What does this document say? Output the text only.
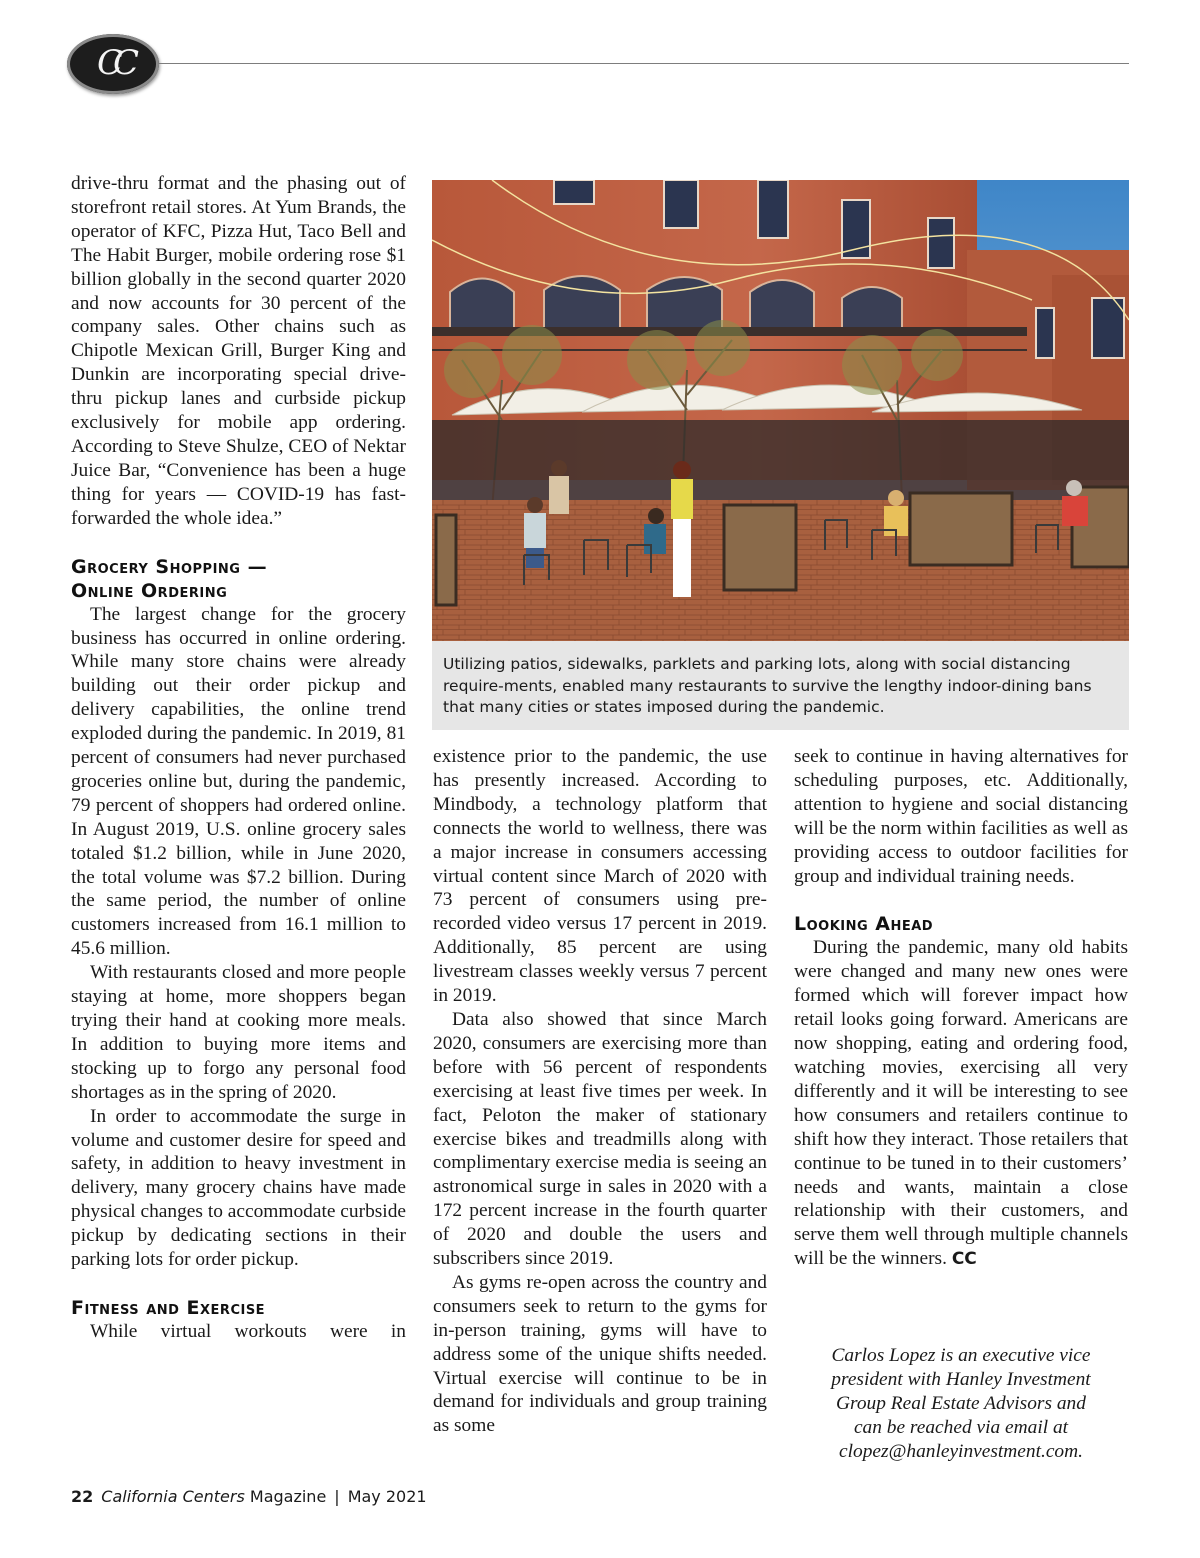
CC

drive-thru format and the phasing out of storefront retail stores. At Yum Brands, the operator of KFC, Pizza Hut, Taco Bell and The Habit Burger, mobile ordering rose $1 billion globally in the second quarter 2020 and now accounts for 30 percent of the company sales. Other chains such as Chipotle Mexican Grill, Burger King and Dunkin are incorporating special drive-thru pickup lanes and curbside pickup exclusively for mobile app ordering. According to Steve Shulze, CEO of Nektar Juice Bar, “Convenience has been a huge thing for years — COVID-19 has fast-forwarded the whole idea.”

Grocery Shopping —
Online Ordering

The largest change for the grocery business has occurred in online ordering. While many store chains were already building out their order pickup and delivery capabilities, the online trend exploded during the pandemic. In 2019, 81 percent of consumers had never purchased groceries online but, during the pandemic, 79 percent of shoppers had ordered online. In August 2019, U.S. online grocery sales totaled $1.2 billion, while in June 2020, the total volume was $7.2 billion. During the same period, the number of online customers increased from 16.1 million to 45.6 million.

With restaurants closed and more people staying at home, more shoppers began trying their hand at cooking more meals. In addition to buying more items and stocking up to forgo any personal food shortages as in the spring of 2020.

In order to accommodate the surge in volume and customer desire for speed and safety, in addition to heavy investment in delivery, many grocery chains have made physical changes to accommodate curbside pickup by dedicating sections in their parking lots for order pickup.

Fitness and Exercise

While virtual workouts were in

Utilizing patios, sidewalks, parklets and parking lots, along with social distancing require-ments, enabled many restaurants to survive the lengthy indoor-dining bans that many cities or states imposed during the pandemic.

existence prior to the pandemic, the use has presently increased. According to Mindbody, a technology platform that connects the world to wellness, there was a major increase in consumers accessing virtual content since March of 2020 with 73 percent of consumers using pre-recorded video versus 17 percent in 2019. Additionally, 85 percent are using livestream classes weekly versus 7 percent in 2019.

Data also showed that since March 2020, consumers are exercising more than before with 56 percent of respondents exercising at least five times per week. In fact, Peloton the maker of stationary exercise bikes and treadmills along with complimentary exercise media is seeing an astronomical surge in sales in 2020 with a 172 percent increase in the fourth quarter of 2020 and double the users and subscribers since 2019.

As gyms re-open across the country and consumers seek to return to the gyms for in-person training, gyms will have to address some of the unique shifts needed. Virtual exercise will continue to be in demand for individuals and group training as some

seek to continue in having alternatives for scheduling purposes, etc. Additionally, attention to hygiene and social distancing will be the norm within facilities as well as providing access to outdoor facilities for group and individual training needs.

Looking Ahead

During the pandemic, many old habits were changed and many new ones were formed which will forever impact how retail looks going forward. Americans are now shopping, eating and ordering food, watching movies, exercising all very differently and it will be interesting to see how consumers and retailers continue to shift how they interact. Those retailers that continue to be tuned in to their customers’ needs and wants, maintain a close relationship with their customers, and serve them well through multiple channels will be the winners. CC

Carlos Lopez is an executive vice
president with Hanley Investment
Group Real Estate Advisors and
can be reached via email at
clopez@hanleyinvestment.com.
22 California Centers Magazine | May 2021
